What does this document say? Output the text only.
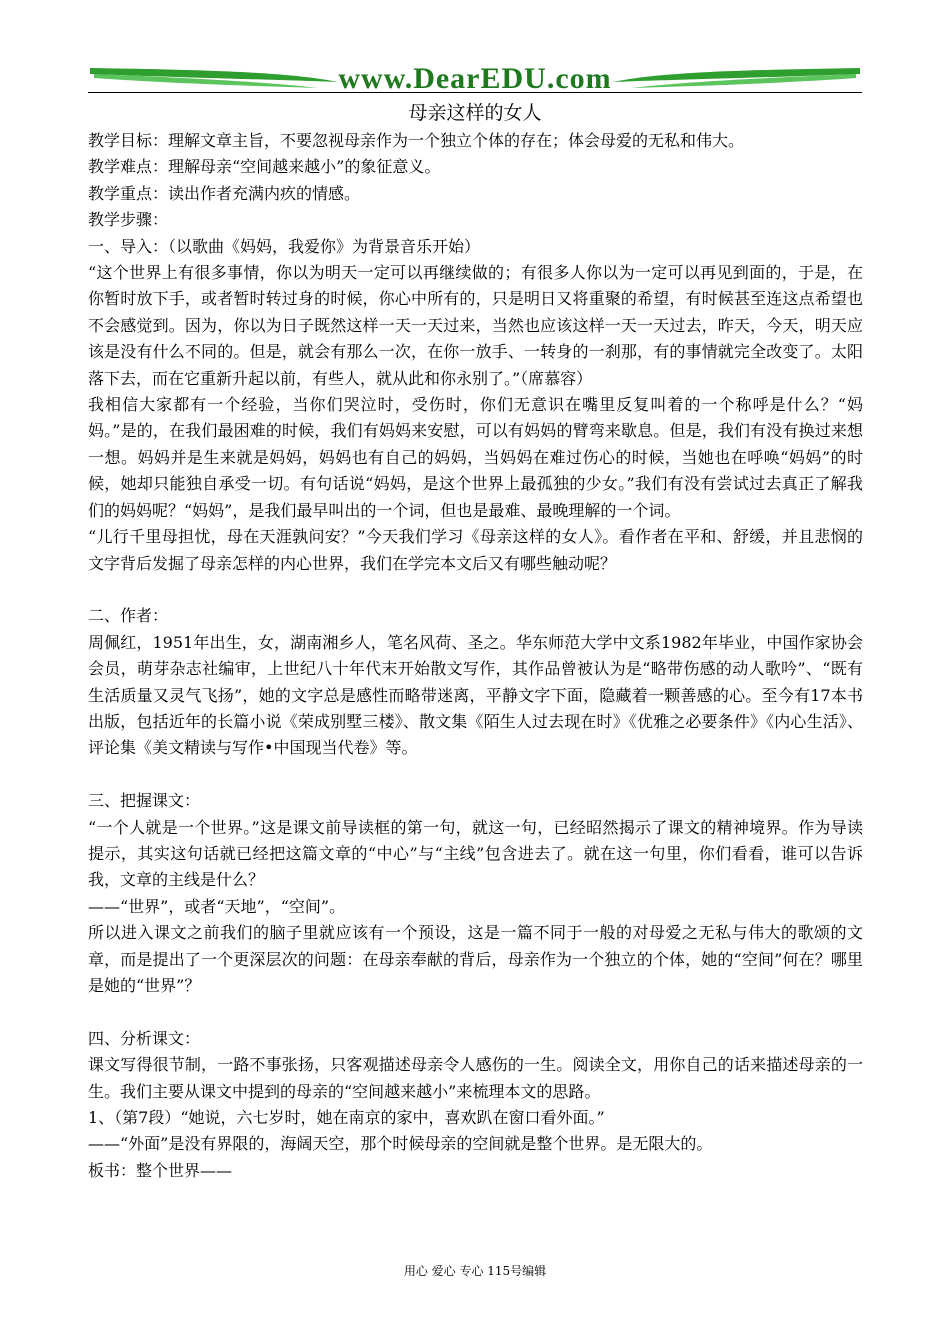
www.DearEDU.com
母亲这样的女人

教学目标：理解文章主旨，不要忽视母亲作为一个独立个体的存在；体会母爱的无私和伟大。

教学难点：理解母亲“空间越来越小”的象征意义。

教学重点：读出作者充满内疚的情感。

教学步骤：

一、导入：（以歌曲《妈妈，我爱你》为背景音乐开始）

“这个世界上有很多事情，你以为明天一定可以再继续做的；有很多人你以为一定可以再见到面的，于是，在你暂时放下手，或者暂时转过身的时候，你心中所有的，只是明日又将重聚的希望，有时候甚至连这点希望也不会感觉到。因为，你以为日子既然这样一天一天过来，当然也应该这样一天一天过去，昨天，今天，明天应该是没有什么不同的。但是，就会有那么一次，在你一放手、一转身的一刹那，有的事情就完全改变了。太阳落下去，而在它重新升起以前，有些人，就从此和你永别了。”（席慕容）

我相信大家都有一个经验，当你们哭泣时，受伤时，你们无意识在嘴里反复叫着的一个称呼是什么？“妈妈。”是的，在我们最困难的时候，我们有妈妈来安慰，可以有妈妈的臂弯来歇息。但是，我们有没有换过来想一想。妈妈并是生来就是妈妈，妈妈也有自己的妈妈，当妈妈在难过伤心的时候，当她也在呼唤“妈妈”的时候，她却只能独自承受一切。有句话说“妈妈，是这个世界上最孤独的少女。”我们有没有尝试过去真正了解我们的妈妈呢？“妈妈”，是我们最早叫出的一个词，但也是最难、最晚理解的一个词。

“儿行千里母担忧，母在天涯孰问安？”今天我们学习《母亲这样的女人》。看作者在平和、舒缓，并且悲悯的文字背后发掘了母亲怎样的内心世界，我们在学完本文后又有哪些触动呢？

二、作者：

周佩红，1951年出生，女，湖南湘乡人，笔名风荷、圣之。华东师范大学中文系1982年毕业，中国作家协会会员，萌芽杂志社编审，上世纪八十年代末开始散文写作，其作品曾被认为是“略带伤感的动人歌吟”、“既有生活质量又灵气飞扬”，她的文字总是感性而略带迷离，平静文字下面，隐藏着一颗善感的心。至今有17本书出版，包括近年的长篇小说《荣成别墅三楼》、散文集《陌生人过去现在时》《优雅之必要条件》《内心生活》、评论集《美文精读与写作•中国现当代卷》等。

三、把握课文：

“一个人就是一个世界。”这是课文前导读框的第一句，就这一句，已经昭然揭示了课文的精神境界。作为导读提示，其实这句话就已经把这篇文章的“中心”与“主线”包含进去了。就在这一句里，你们看看，谁可以告诉我，文章的主线是什么？

——“世界”，或者“天地”，“空间”。

所以进入课文之前我们的脑子里就应该有一个预设，这是一篇不同于一般的对母爱之无私与伟大的歌颂的文章，而是提出了一个更深层次的问题：在母亲奉献的背后，母亲作为一个独立的个体，她的“空间”何在？哪里是她的“世界”？

四、分析课文：

课文写得很节制，一路不事张扬，只客观描述母亲令人感伤的一生。阅读全文，用你自己的话来描述母亲的一生。我们主要从课文中提到的母亲的“空间越来越小”来梳理本文的思路。

1、（第7段）“她说，六七岁时，她在南京的家中，喜欢趴在窗口看外面。”

——“外面”是没有界限的，海阔天空，那个时候母亲的空间就是整个世界。是无限大的。

板书：整个世界——

用心 爱心 专心 115号编辑
